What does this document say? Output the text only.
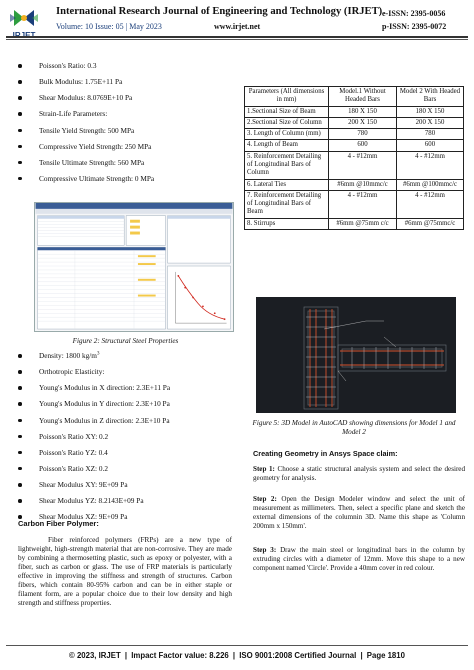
International Research Journal of Engineering and Technology (IRJET)
Volume: 10 Issue: 05 | May 2023	www.irjet.net
e-ISSN: 2395-0056
p-ISSN: 2395-0072
Poisson's Ratio: 0.3
Bulk Modulus: 1.75E+11 Pa
Shear Modulus: 8.0769E+10 Pa
Strain-Life Parameters:
Tensile Yield Strength: 500 MPa
Compressive Yield Strength: 250 MPa
Tensile Ultimate Strength: 560 MPa
Compressive Ultimate Strength: 0 MPa
Figure 2: Structural Steel Properties
Density: 1800 $kg/m^3$
Orthotropic Elasticity:
Young's Modulus in X direction: 2.3E+11 Pa
Young's Modulus in Y direction: 2.3E+10 Pa
Young's Modulus in Z direction: 2.3E+10 Pa
Poisson's Ratio XY: 0.2
Poisson's Ratio YZ: 0.4
Poisson's Ratio XZ: 0.2
Shear Modulus XY: 9E+09 Pa
Shear Modulus YZ: 8.2143E+09 Pa
Shear Modulus XZ: 9E+09 Pa
Carbon Fiber Polymer:

Fiber reinforced polymers (FRPs) are a new type of lightweight, high-strength material that are non-corrosive. They are made by combining a thermosetting plastic, such as epoxy or polyester, with a fiber, such as carbon or glass. The use of FRP materials is particularly effective in improving the stiffness and strength of structures. Carbon fibers, which contain 80-95% carbon and can be in either staple or filament form, are a popular choice due to their low density and high strength and stiffness properties.

Parameters (All dimensions in mm)	Model.1 Without Headed Bars	Model 2 With Headed Bars
1.Sectional Size of Beam	180 X 150	180 X 150
2.Sectional Size of Column	200 X 150	200 X 150
3. Length of Column (mm)	780	780
4. Length of Beam	600	600
5. Reinforcement Detailing of Longitudinal Bars of Column	4 - #12mm	4 - #12mm
6. Lateral Ties	#6mm @10mmc/c	#6mm @100mmc/c
7. Reinforcement Detailing of Longitudinal Bars of Beam	4 - #12mm	4 - #12mm
8. Stirrups	#6mm @75mm c/c	#6mm @75mmc/c
Figure 5: 3D Model in AutoCAD showing dimensions for Model 1 and Model 2
Creating Geometry in Ansys Space claim:

Step 1: Choose a static structural analysis system and select the desired geometry for analysis.

Step 2: Open the Design Modeler window and select the unit of measurement as millimeters. Then, select a specific plane and sketch the external dimensions of the columnin 3D. Name this shape as 'Column 200mm x 150mm'.

Step 3: Draw the main steel or longitudinal bars in the column by extruding circles with a diameter of 12mm. Move this shape to a new component named 'Circle'. Provide a 40mm cover in red colour.

© 2023, IRJET | Impact Factor value: 8.226 | ISO 9001:2008 Certified Journal | Page 1810
